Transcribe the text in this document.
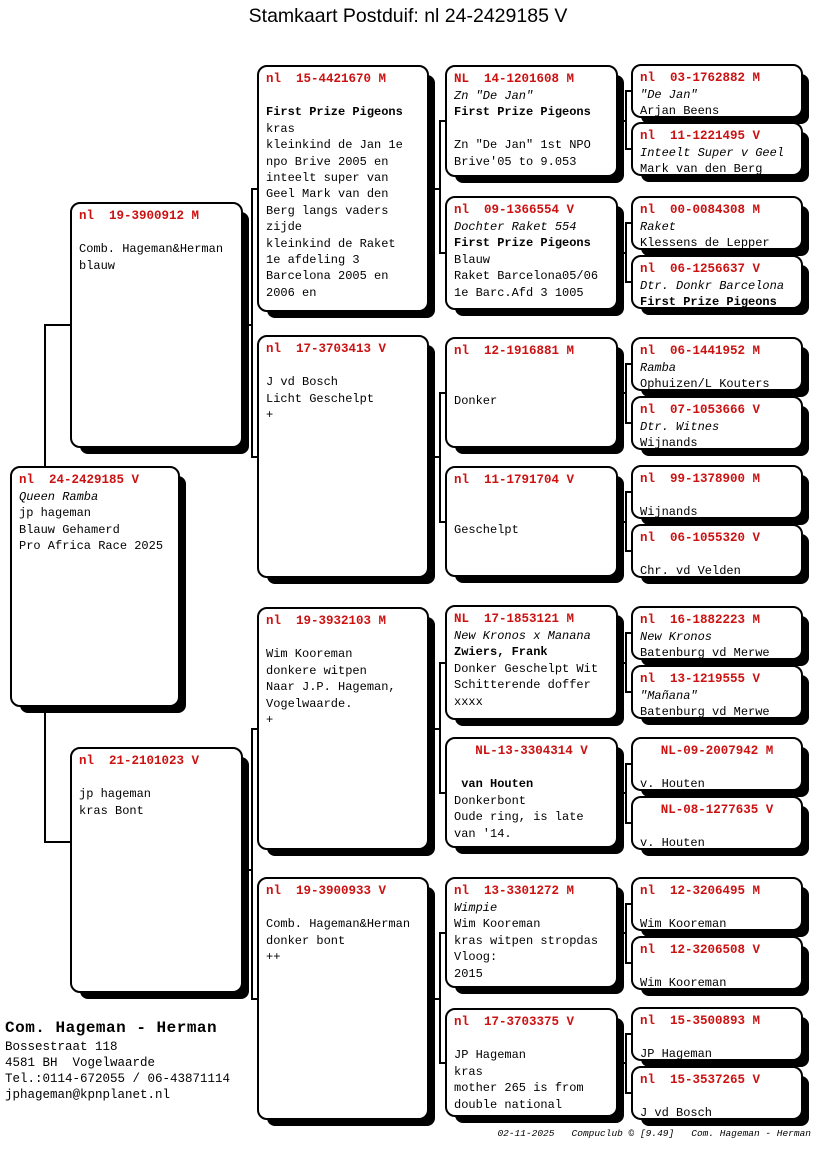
Stamkaart Postduif: nl 24-2429185 V
nl  24-2429185 V
Queen Ramba
jp hageman
Blauw Gehamerd
Pro Africa Race 2025
nl  19-3900912 M

Comb. Hageman&Herman
blauw
nl  21-2101023 V

jp hageman
kras Bont
nl  15-4421670 M

First Prize Pigeons
kras
kleinkind de Jan 1e
npo Brive 2005 en
inteelt super van
Geel Mark van den
Berg langs vaders
zijde
kleinkind de Raket
1e afdeling 3
Barcelona 2005 en
2006 en
nl  17-3703413 V

J vd Bosch
Licht Geschelpt
+
nl  19-3932103 M

Wim Kooreman
donkere witpen
Naar J.P. Hageman,
Vogelwaarde.
+
nl  19-3900933 V

Comb. Hageman&Herman
donker bont
++
NL  14-1201608 M
Zn "De Jan"
First Prize Pigeons

Zn "De Jan" 1st NPO
Brive'05 to 9.053
nl  09-1366554 V
Dochter Raket 554
First Prize Pigeons
Blauw
Raket Barcelona05/06
1e Barc.Afd 3 1005
nl  12-1916881 M

Donker
nl  11-1791704 V

Geschelpt
NL  17-1853121 M
New Kronos x Manana
Zwiers, Frank
Donker Geschelpt Wit
Schitterende doffer
xxxx
NL-13-3304314 V

van Houten
Donkerbont
Oude ring, is late
van '14.
nl  13-3301272 M
Wimpie
Wim Kooreman
kras witpen stropdas
Vloog:
2015
nl  17-3703375 V

JP Hageman
kras
mother 265 is from
double national
nl  03-1762882 M
"De Jan"
Arjan Beens
nl  11-1221495 V
Inteelt Super v Geel
Mark van den Berg
nl  00-0084308 M
Raket
Klessens de Lepper
nl  06-1256637 V
Dtr. Donkr Barcelona
First Prize Pigeons
nl  06-1441952 M
Ramba
Ophuizen/L Kouters
nl  07-1053666 V
Dtr. Witnes
Wijnands
nl  99-1378900 M

Wijnands
nl  06-1055320 V

Chr. vd Velden
nl  16-1882223 M
New Kronos
Batenburg vd Merwe
nl  13-1219555 V
"Mañana"
Batenburg vd Merwe
NL-09-2007942 M

v. Houten
NL-08-1277635 V

v. Houten
nl  12-3206495 M

Wim Kooreman
nl  12-3206508 V

Wim Kooreman
nl  15-3500893 M

JP Hageman
nl  15-3537265 V

J vd Bosch
Com. Hageman - Herman
Bossestraat 118
4581 BH  Vogelwaarde
Tel.:0114-672055 / 06-43871114
jphageman@kpnplanet.nl
02-11-2025   Compuclub © [9.49]   Com. Hageman - Herman
